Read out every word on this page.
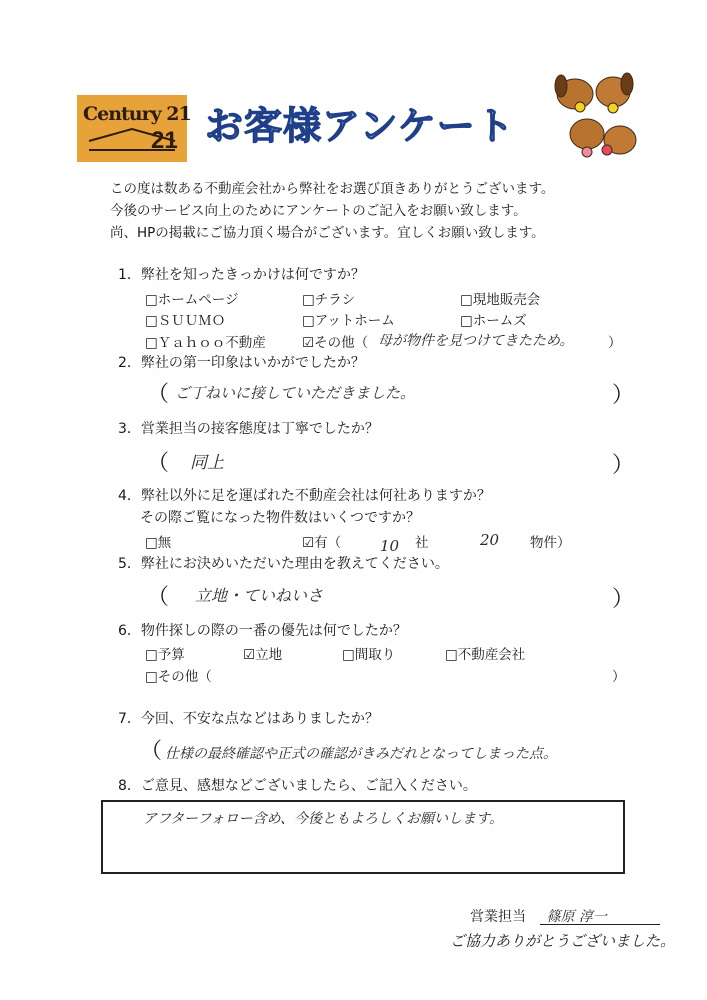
21
Century 21 お客様アンケート
この度は数ある不動産会社から弊社をお選び頂きありがとうございます。
今後のサービス向上のためにアンケートのご記入をお願い致します。
尚、HPの掲載にご協力頂く場合がございます。宜しくお願い致します。
1．弊社を知ったきっかけは何ですか？
□ホームページ	□チラシ	□現地販売会
□ＳＵＵＭＯ	□アットホーム	□ホームズ
□Ｙａｈｏｏ不動産	☑その他（ 母が物件を見つけてきたため。	）
2．弊社の第一印象はいかがでしたか？
（ ご丁ねいに接していただきました。	）
3．営業担当の接客態度は丁寧でしたか？
（ 同上	）
4．弊社以外に足を運ばれた不動産会社は何社ありますか？
その際ご覧になった物件数はいくつですか？
□無	☑有（	10 社	20 物件）
5．弊社にお決めいただいた理由を教えてください。
（ 立地・ていねいさ	）
6．物件探しの際の一番の優先は何でしたか？
□予算	☑立地	□間取り	□不動産会社
□その他（	）
7．今回、不安な点などはありましたか？
（ 仕様の最終確認や正式の確認がきみだれとなってしまった点。
8．ご意見、感想などございましたら、ご記入ください。
アフターフォロー含め、今後ともよろしくお願いします。
営業担当 篠原 淳一
ご協力ありがとうございました。
